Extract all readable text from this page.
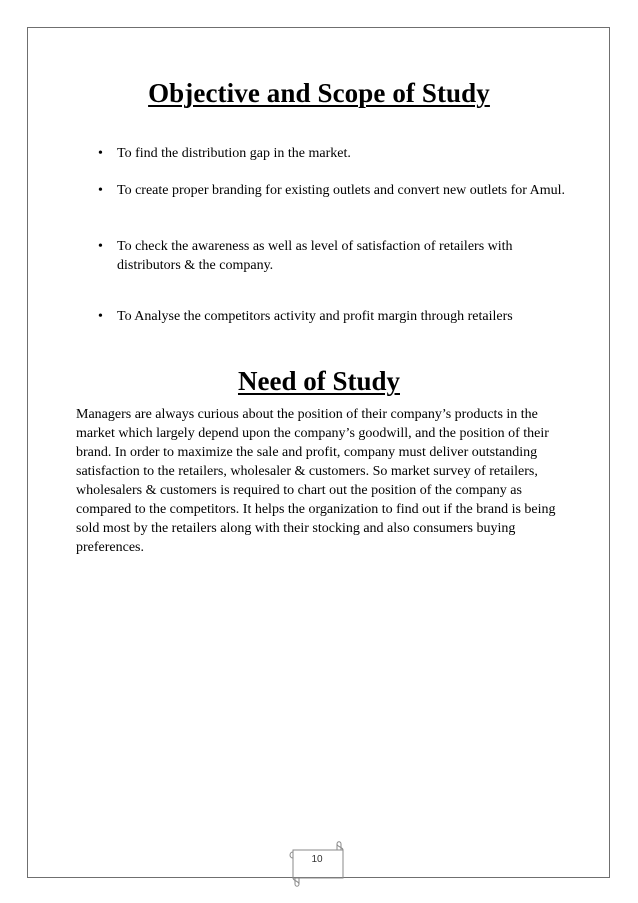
Objective and Scope of Study
• To find the distribution gap in the market.
• To create proper branding for existing outlets and convert new outlets for Amul.
• To check the awareness as well as level of satisfaction of retailers with distributors & the company.
• To Analyse the competitors activity and profit margin through retailers
Need of Study

Managers are always curious about the position of their company’s products in the market which largely depend upon the company’s goodwill, and the position of their brand. In order to maximize the sale and profit, company must deliver outstanding satisfaction to the retailers, wholesaler & customers. So market survey of retailers, wholesalers & customers is required to chart out the position of the company as compared to the competitors. It helps the organization to find out if the brand is being sold most by the retailers along with their stocking and also consumers buying preferences.

10
